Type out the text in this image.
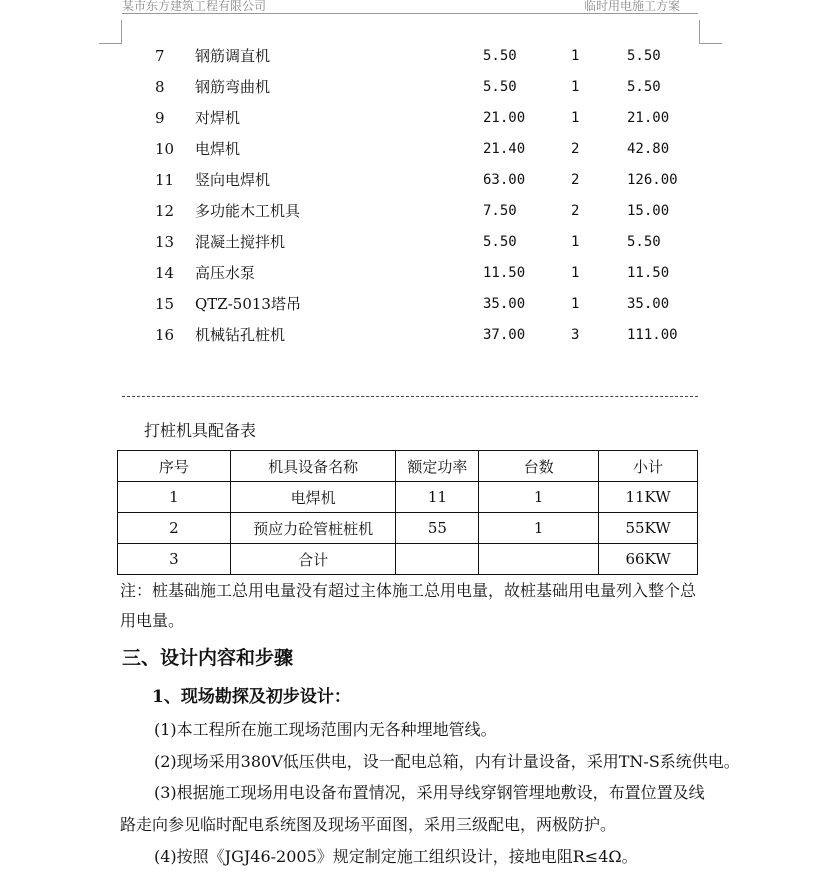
某市东方建筑工程有限公司	临时用电施工方案
7 钢筋调直机	5.50	1	5.50
8 钢筋弯曲机	5.50	1	5.50
9 对焊机	21.00	1	21.00
10 电焊机	21.40	2	42.80
11 竖向电焊机	63.00	2	126.00
12 多功能木工机具	7.50	2	15.00
13 混凝土搅拌机	5.50	1	5.50
14 高压水泵	11.50	1	11.50
15 QTZ-5013塔吊	35.00	1	35.00
16 机械钻孔桩机	37.00	3	111.00
打桩机具配备表
序号	机具设备名称	额定功率	台数	小计
1	电焊机	11	1	11KW
2	预应力砼管桩桩机	55	1	55KW
3	合计			66KW
注：桩基础施工总用电量没有超过主体施工总用电量，故桩基础用电量列入整个总
用电量。
三、设计内容和步骤
1、现场勘探及初步设计：
(1)本工程所在施工现场范围内无各种埋地管线。
(2)现场采用380V低压供电，设一配电总箱，内有计量设备，采用TN-S系统供电。
(3)根据施工现场用电设备布置情况，采用导线穿钢管埋地敷设，布置位置及线
路走向参见临时配电系统图及现场平面图，采用三级配电，两极防护。
(4)按照《JGJ46-2005》规定制定施工组织设计，接地电阻R≤4Ω。
